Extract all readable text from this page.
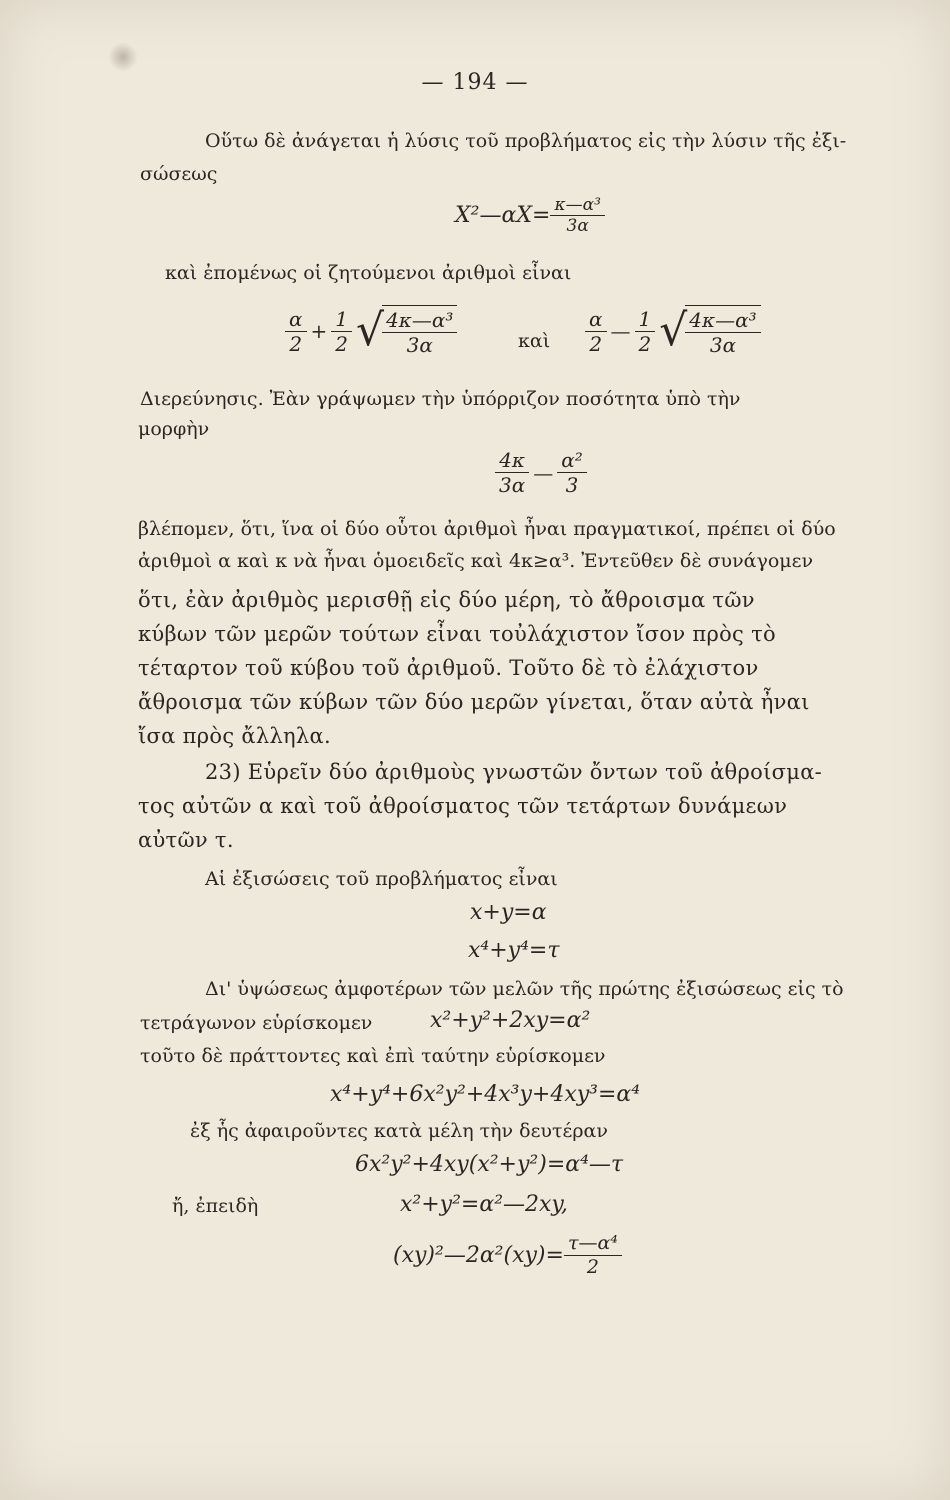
— 194 —
Οὕτω δὲ ἀνάγεται ἡ λύσις τοῦ προβλήματος εἰς τὴν λύσιν τῆς ἐξι-
σώσεως
X²—αX= $\frac{\text{κ—α³}}{3\alpha}$
καὶ ἐπομένως οἱ ζητούμενοι ἀριθμοὶ εἶναι
$\frac{\alpha}{2} + \frac{1}{2}$ √
$\frac{\text{4κ—α³}}{3\alpha}$	καὶ $\frac{\alpha}{2}$ — $\frac{1}{2}$ √
$\frac{\text{4κ—α³}}{3\alpha}$
Διερεύνησις. Ἐὰν γράψωμεν τὴν ὑπόρριζον ποσότητα ὑπὸ τὴν
μορφὴν
$\frac{4\kappa}{3\alpha}$ — $\frac{\text{α²}}{3}$
βλέπομεν, ὅτι, ἵνα οἱ δύο οὗτοι ἀριθμοὶ ἦναι πραγματικοί, πρέπει οἱ δύο
ἀριθμοὶ α καὶ κ νὰ ἦναι ὁμοειδεῖς καὶ 4κ≥α³. Ἐντεῦθεν δὲ συνάγομεν
ὅτι, ἐὰν ἀριθμὸς μερισθῇ εἰς δύο μέρη, τὸ ἄθροισμα τῶν
κύβων τῶν μερῶν τούτων εἶναι τοὐλάχιστον ἴσον πρὸς τὸ
τέταρτον τοῦ κύβου τοῦ ἀριθμοῦ. Τοῦτο δὲ τὸ ἐλάχιστον
ἄθροισμα τῶν κύβων τῶν δύο μερῶν γίνεται, ὅταν αὐτὰ ἦναι
ἴσα πρὸς ἄλληλα.
23) Εὑρεῖν δύο ἀριθμοὺς γνωστῶν ὄντων τοῦ ἀθροίσμα-
τος αὐτῶν α καὶ τοῦ ἀθροίσματος τῶν τετάρτων δυνάμεων
αὐτῶν τ.
Αἱ ἐξισώσεις τοῦ προβλήματος εἶναι
x+y=α
x⁴+y⁴=τ
Δι' ὑψώσεως ἀμφοτέρων τῶν μελῶν τῆς πρώτης ἐξισώσεως εἰς τὸ
τετράγωνον εὑρίσκομεν	x²+y²+2xy=α²
τοῦτο δὲ πράττοντες καὶ ἐπὶ ταύτην εὑρίσκομεν
x⁴+y⁴+6x²y²+4x³y+4xy³=α⁴
ἐξ ἧς ἀφαιροῦντες κατὰ μέλη τὴν δευτέραν
6x²y²+4xy(x²+y²)=α⁴—τ
ἤ, ἐπειδὴ	x²+y²=α²—2xy,
(xy)²—2α²(xy)= $\frac{\text{τ—α⁴}}{2}$
